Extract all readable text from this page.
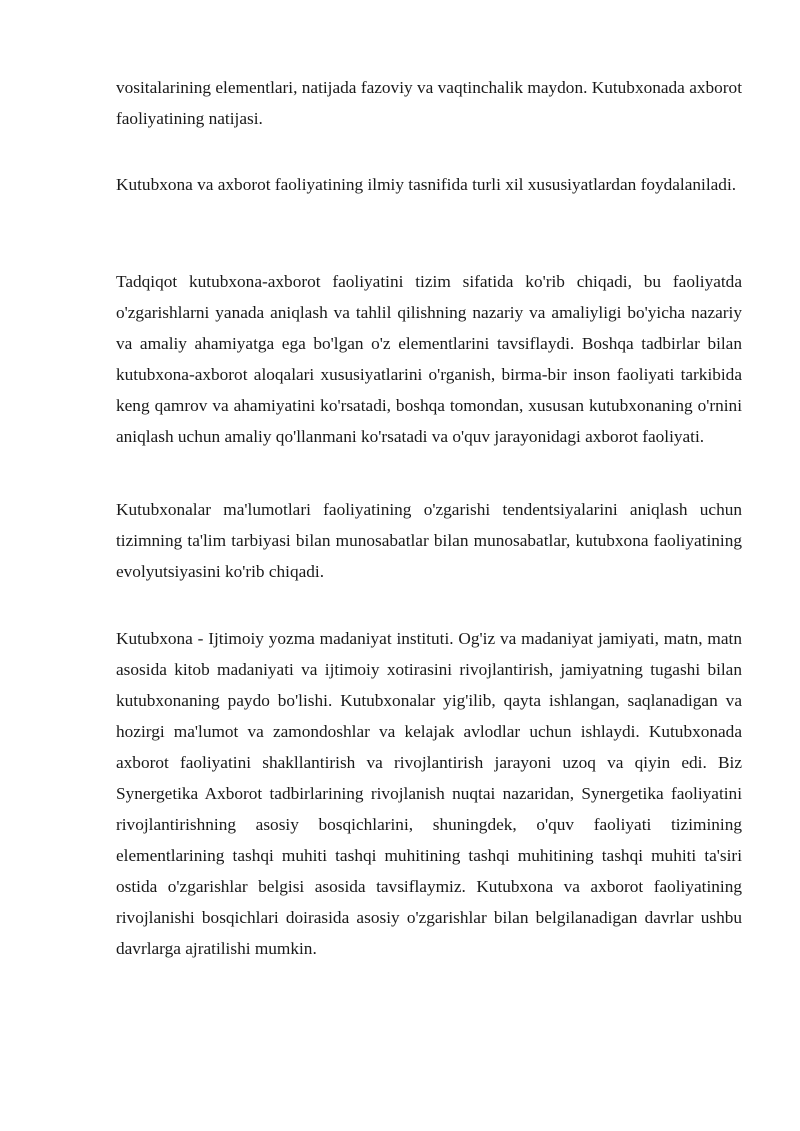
vositalarining elementlari, natijada fazoviy va vaqtinchalik maydon. Kutubxonada axborot faoliyatining natijasi.

Kutubxona va axborot faoliyatining ilmiy tasnifida turli xil xususiyatlardan foydalaniladi.

Tadqiqot kutubxona-axborot faoliyatini tizim sifatida ko'rib chiqadi, bu faoliyatda o'zgarishlarni yanada aniqlash va tahlil qilishning nazariy va amaliyligi bo'yicha nazariy va amaliy ahamiyatga ega bo'lgan o'z elementlarini tavsiflaydi. Boshqa tadbirlar bilan kutubxona-axborot aloqalari xususiyatlarini o'rganish, birma-bir inson faoliyati tarkibida keng qamrov va ahamiyatini ko'rsatadi, boshqa tomondan, xususan kutubxonaning o'rnini aniqlash uchun amaliy qo'llanmani ko'rsatadi va o'quv jarayonidagi axborot faoliyati.

Kutubxonalar ma'lumotlari faoliyatining o'zgarishi tendentsiyalarini aniqlash uchun tizimning ta'lim tarbiyasi bilan munosabatlar bilan munosabatlar, kutubxona faoliyatining evolyutsiyasini ko'rib chiqadi.

Kutubxona - Ijtimoiy yozma madaniyat instituti. Og'iz va madaniyat jamiyati, matn, matn asosida kitob madaniyati va ijtimoiy xotirasini rivojlantirish, jamiyatning tugashi bilan kutubxonaning paydo bo'lishi. Kutubxonalar yig'ilib, qayta ishlangan, saqlanadigan va hozirgi ma'lumot va zamondoshlar va kelajak avlodlar uchun ishlaydi. Kutubxonada axborot faoliyatini shakllantirish va rivojlantirish jarayoni uzoq va qiyin edi. Biz Synergetika Axborot tadbirlarining rivojlanish nuqtai nazaridan, Synergetika faoliyatini rivojlantirishning asosiy bosqichlarini, shuningdek, o'quv faoliyati tizimining elementlarining tashqi muhiti tashqi muhitining tashqi muhitining tashqi muhiti ta'siri ostida o'zgarishlar belgisi asosida tavsiflaymiz. Kutubxona va axborot faoliyatining rivojlanishi bosqichlari doirasida asosiy o'zgarishlar bilan belgilanadigan davrlar ushbu davrlarga ajratilishi mumkin.
